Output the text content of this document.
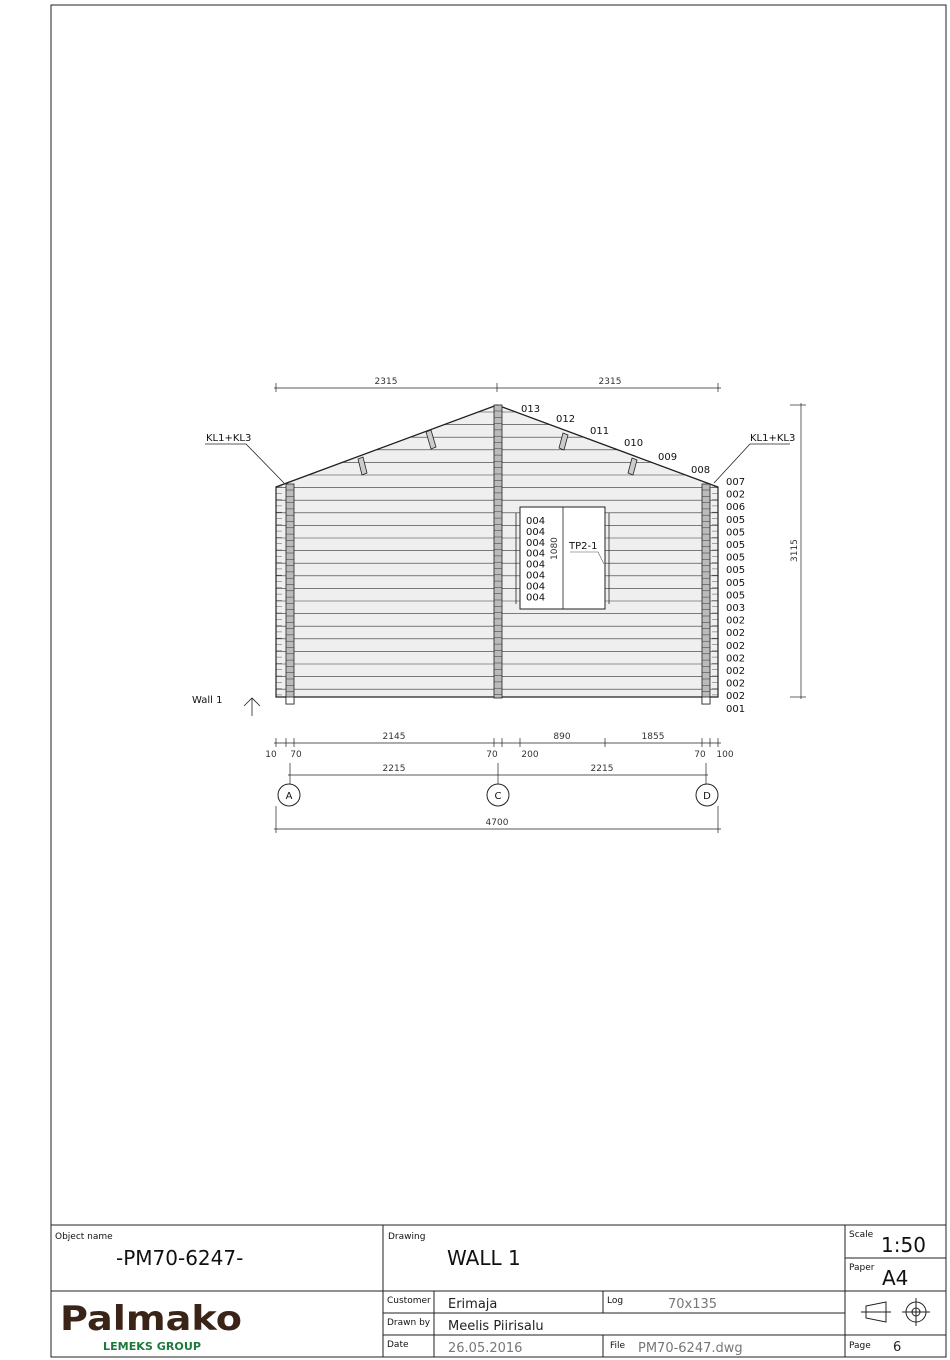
TP2-1
1080
004
004
004
004
004
004
004
004
013
012
011
010
009
008
007
002
006
005
005
005
005
005
005
005
003
002
002
002
002
002
002
002
001
KL1+KL3	KL1+KL3
Wall 1
2315	2315
3115
2145	890	1855
10 70	70	200	70 100
2215	2215
A	C	D
4700
Object name
-PM70-6247-
Drawing
WALL 1
Scale 1:50
Paper A4
Customer Erimaja	Log	70x135
Drawn by Meelis Piirisalu
Date	26.05.2016	File PM70-6247.dwg	Page 6
Palmako
LEMEKS GROUP
